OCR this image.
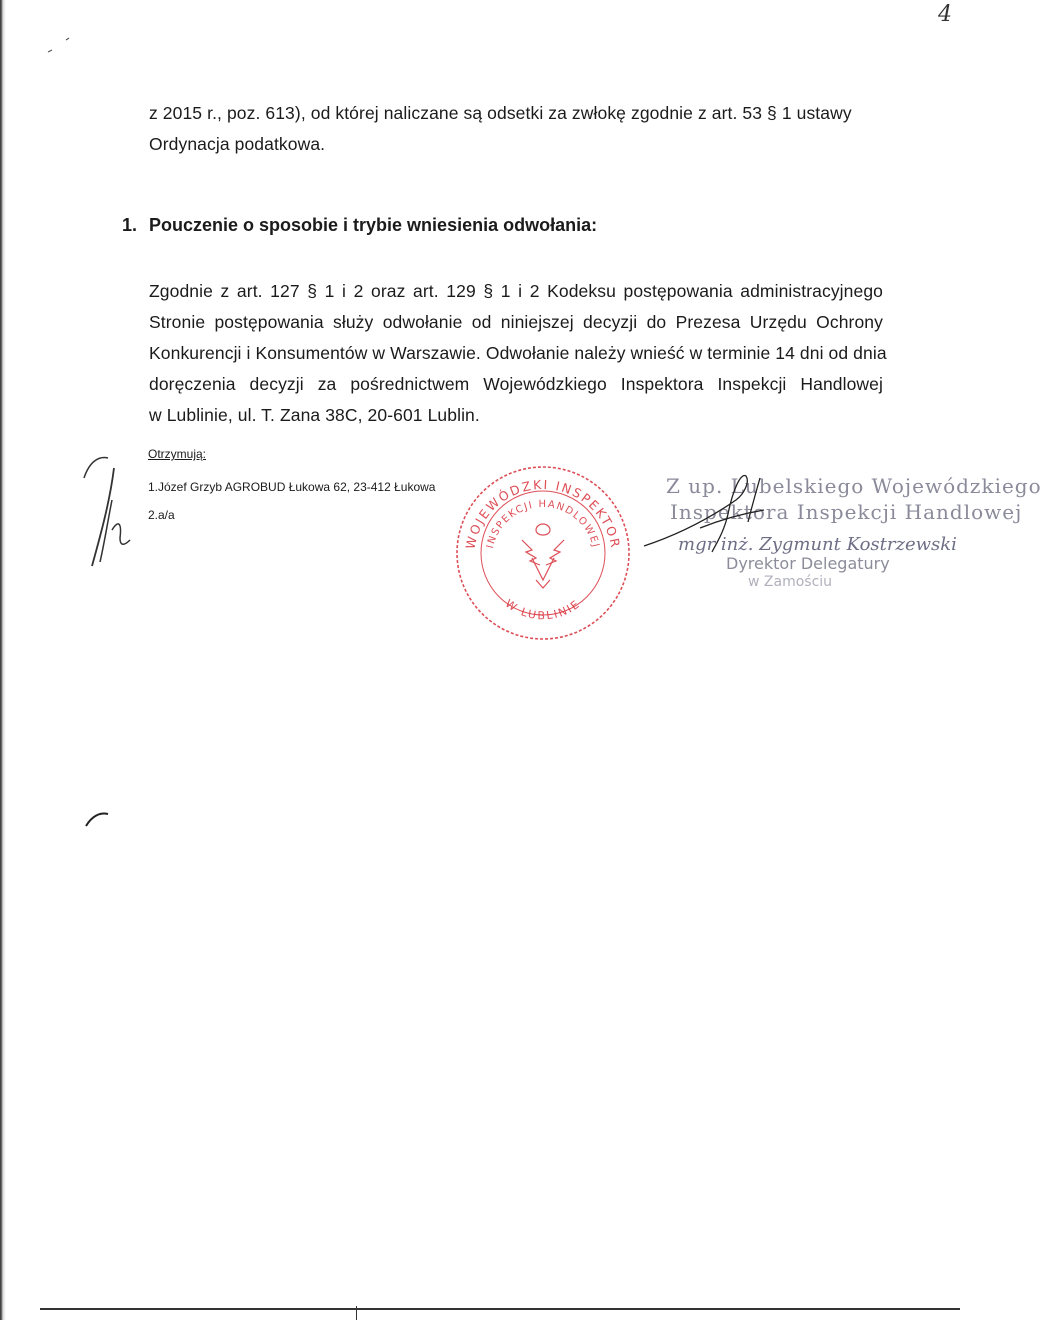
4
z 2015 r., poz. 613), od której naliczane są odsetki za zwłokę zgodnie z art. 53 § 1 ustawy
Ordynacja podatkowa.
1. Pouczenie o sposobie i trybie wniesienia odwołania:
Zgodnie z art. 127 § 1 i 2 oraz art. 129 § 1 i 2 Kodeksu postępowania administracyjnego
Stronie postępowania służy odwołanie od niniejszej decyzji do Prezesa Urzędu Ochrony
Konkurencji i Konsumentów w Warszawie. Odwołanie należy wnieść w terminie 14 dni od dnia
doręczenia decyzji za pośrednictwem Wojewódzkiego Inspektora Inspekcji Handlowej
w Lublinie, ul. T. Zana 38C, 20-601 Lublin.
Otrzymują:
1.Józef Grzyb AGROBUD Łukowa 62, 23-412 Łukowa
2.a/a
WOJEWÓDZKI INSPEKTOR
INSPEKCJI HANDLOWEJ
W LUBLINIE
Z up. Lubelskiego Wojewódzkiego
Inspektora Inspekcji Handlowej
mgr inż. Zygmunt Kostrzewski
Dyrektor Delegatury
w Zamościu
